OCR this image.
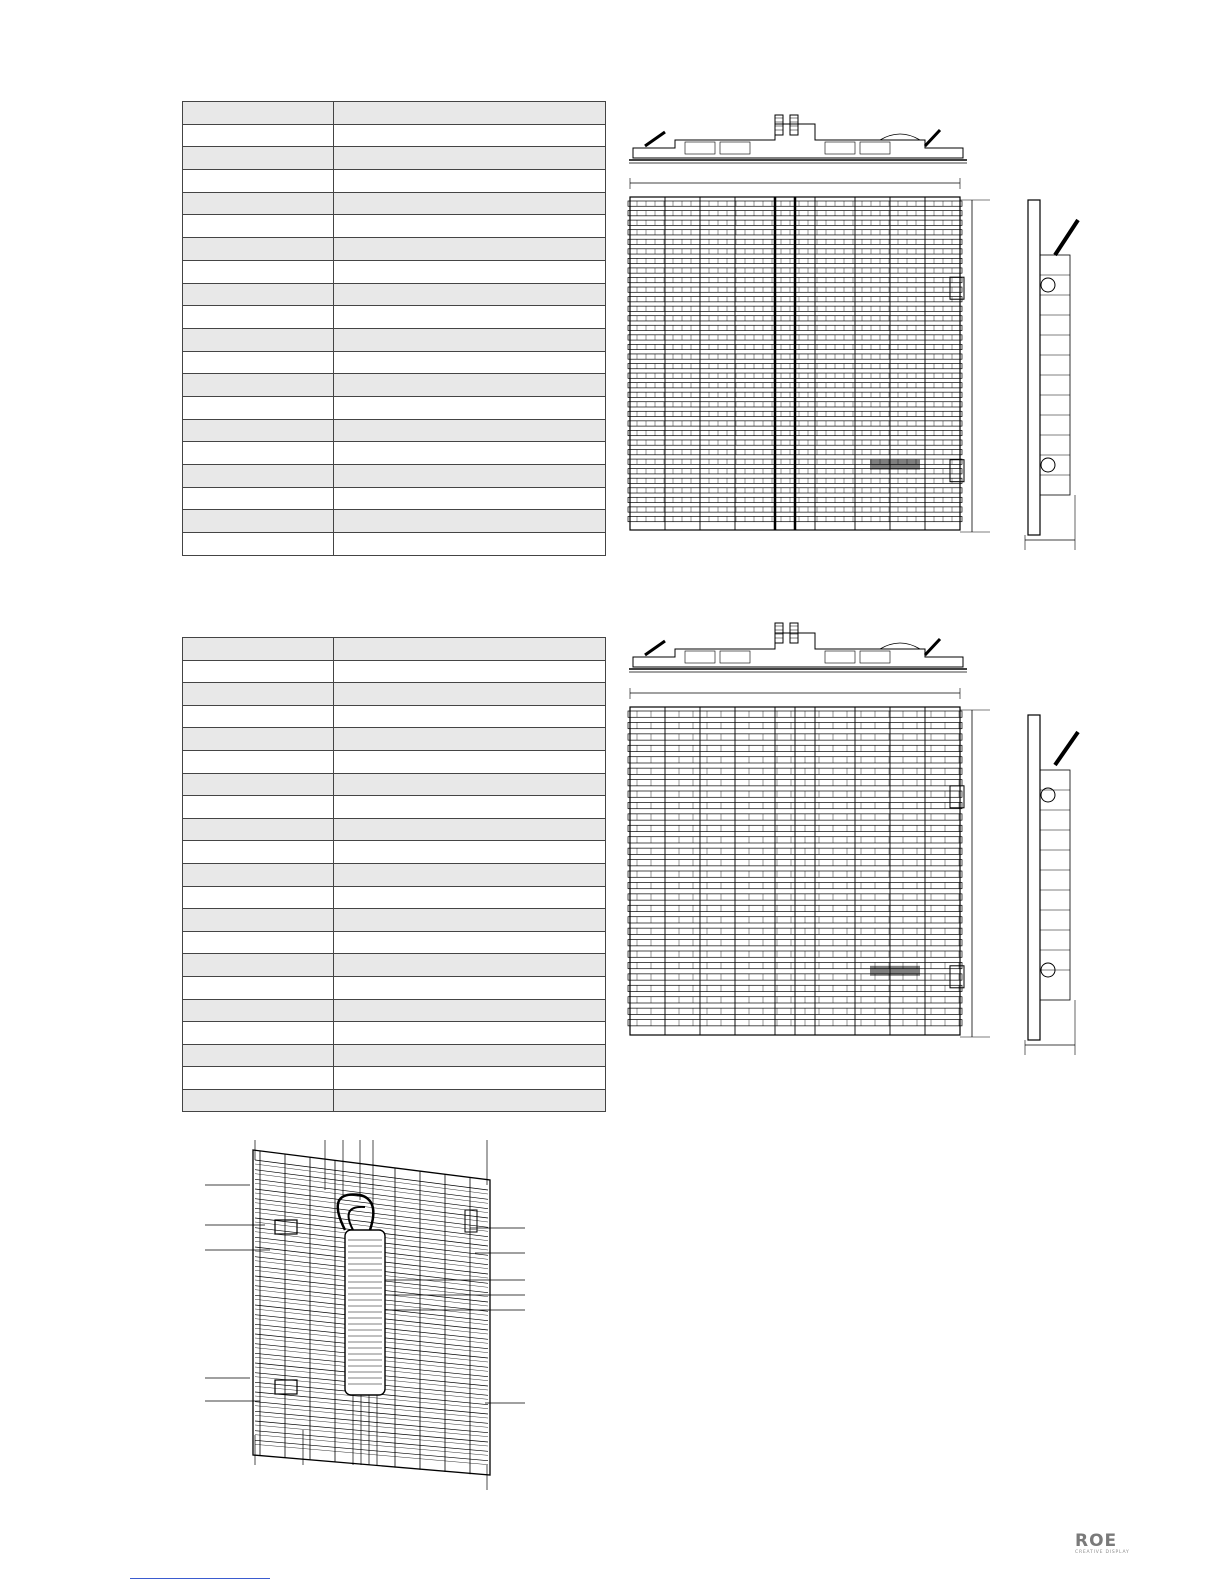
ROE
CREATIVE DISPLAY
